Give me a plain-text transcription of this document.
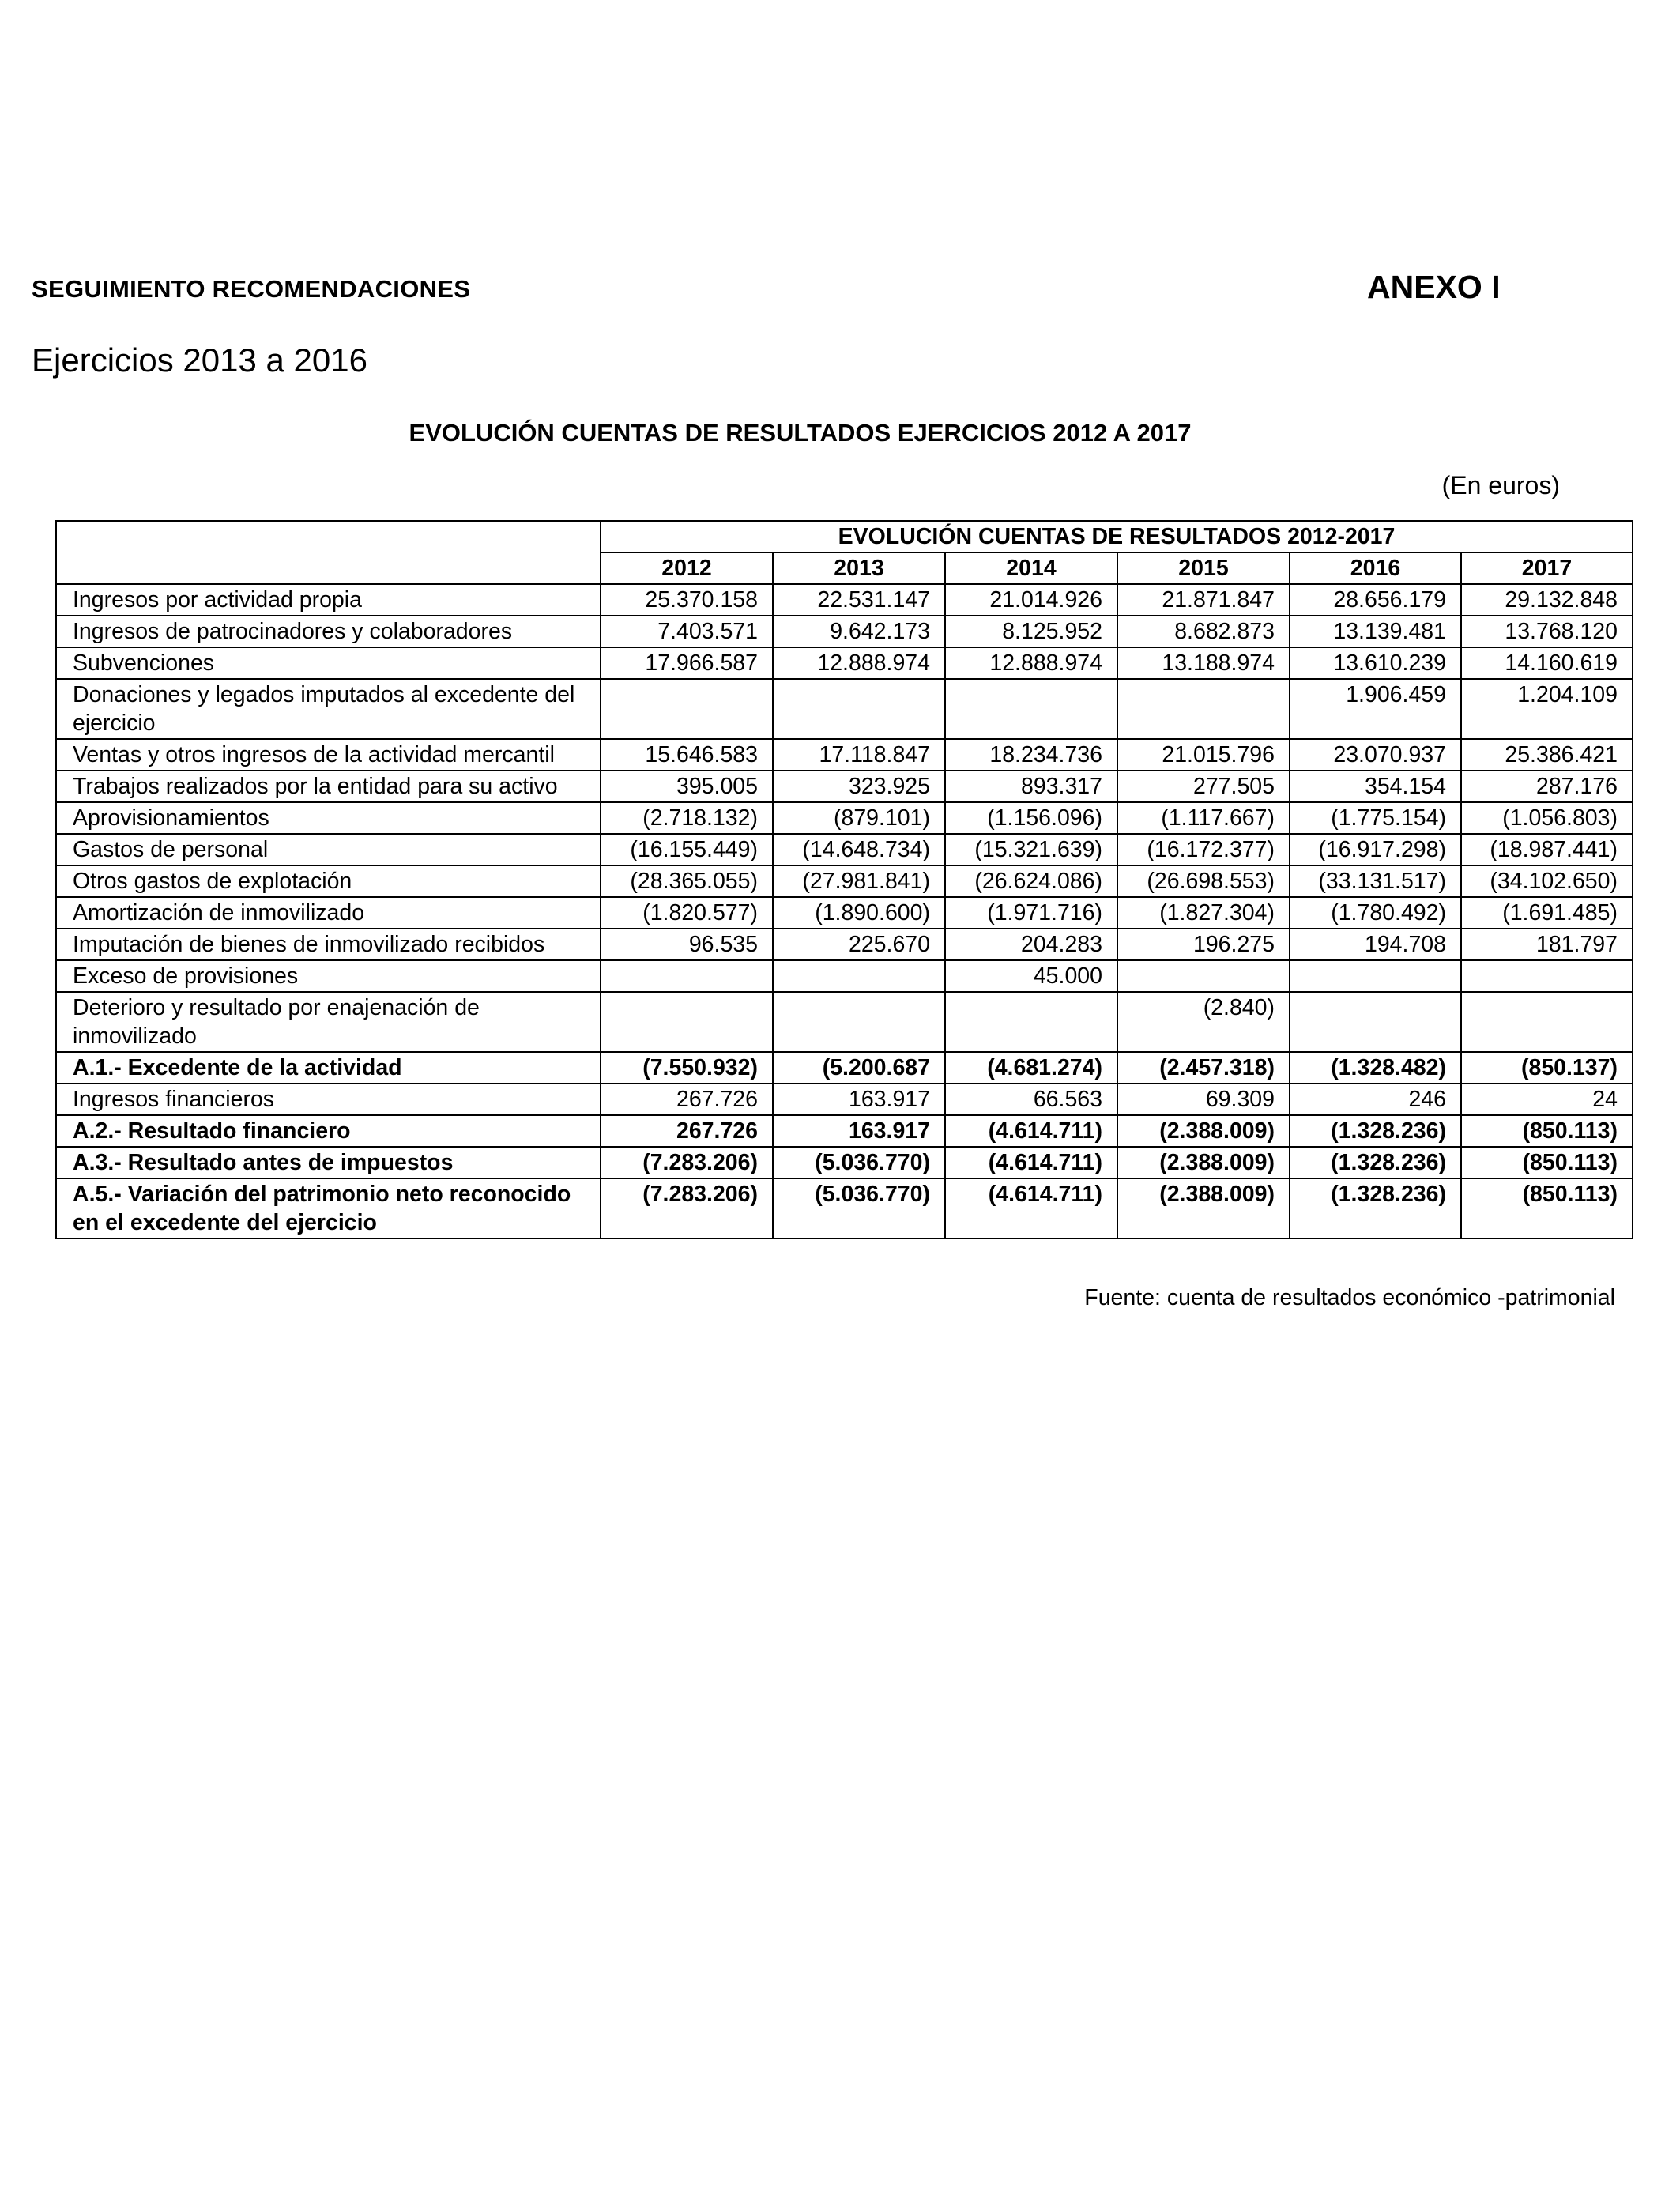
SEGUIMIENTO RECOMENDACIONES	ANEXO I
Ejercicios 2013 a 2016
EVOLUCIÓN CUENTAS DE RESULTADOS EJERCICIOS 2012 A 2017
(En euros)
	EVOLUCIÓN CUENTAS DE RESULTADOS 2012-2017					
	2012	2013	2014	2015	2016	2017
Ingresos por actividad propia	25.370.158	22.531.147	21.014.926	21.871.847	28.656.179	29.132.848
Ingresos de patrocinadores y colaboradores	7.403.571	9.642.173	8.125.952	8.682.873	13.139.481	13.768.120
Subvenciones	17.966.587	12.888.974	12.888.974	13.188.974	13.610.239	14.160.619
Donaciones y legados imputados al excedente del ejercicio					1.906.459	1.204.109
Ventas y otros ingresos de la actividad mercantil	15.646.583	17.118.847	18.234.736	21.015.796	23.070.937	25.386.421
Trabajos realizados por la entidad para su activo	395.005	323.925	893.317	277.505	354.154	287.176
Aprovisionamientos	(2.718.132)	(879.101)	(1.156.096)	(1.117.667)	(1.775.154)	(1.056.803)
Gastos de personal	(16.155.449)	(14.648.734)	(15.321.639)	(16.172.377)	(16.917.298)	(18.987.441)
Otros gastos de explotación	(28.365.055)	(27.981.841)	(26.624.086)	(26.698.553)	(33.131.517)	(34.102.650)
Amortización de inmovilizado	(1.820.577)	(1.890.600)	(1.971.716)	(1.827.304)	(1.780.492)	(1.691.485)
Imputación de bienes de inmovilizado recibidos	96.535	225.670	204.283	196.275	194.708	181.797
Exceso de provisiones			45.000			
Deterioro y resultado por enajenación de inmovilizado				(2.840)		
A.1.- Excedente de la actividad	(7.550.932)	(5.200.687	(4.681.274)	(2.457.318)	(1.328.482)	(850.137)
Ingresos financieros	267.726	163.917	66.563	69.309	246	24
A.2.- Resultado financiero	267.726	163.917	(4.614.711)	(2.388.009)	(1.328.236)	(850.113)
A.3.- Resultado antes de impuestos	(7.283.206)	(5.036.770)	(4.614.711)	(2.388.009)	(1.328.236)	(850.113)
A.5.- Variación del patrimonio neto reconocido en el excedente del ejercicio	(7.283.206)	(5.036.770)	(4.614.711)	(2.388.009)	(1.328.236)	(850.113)
Fuente: cuenta de resultados económico -patrimonial
